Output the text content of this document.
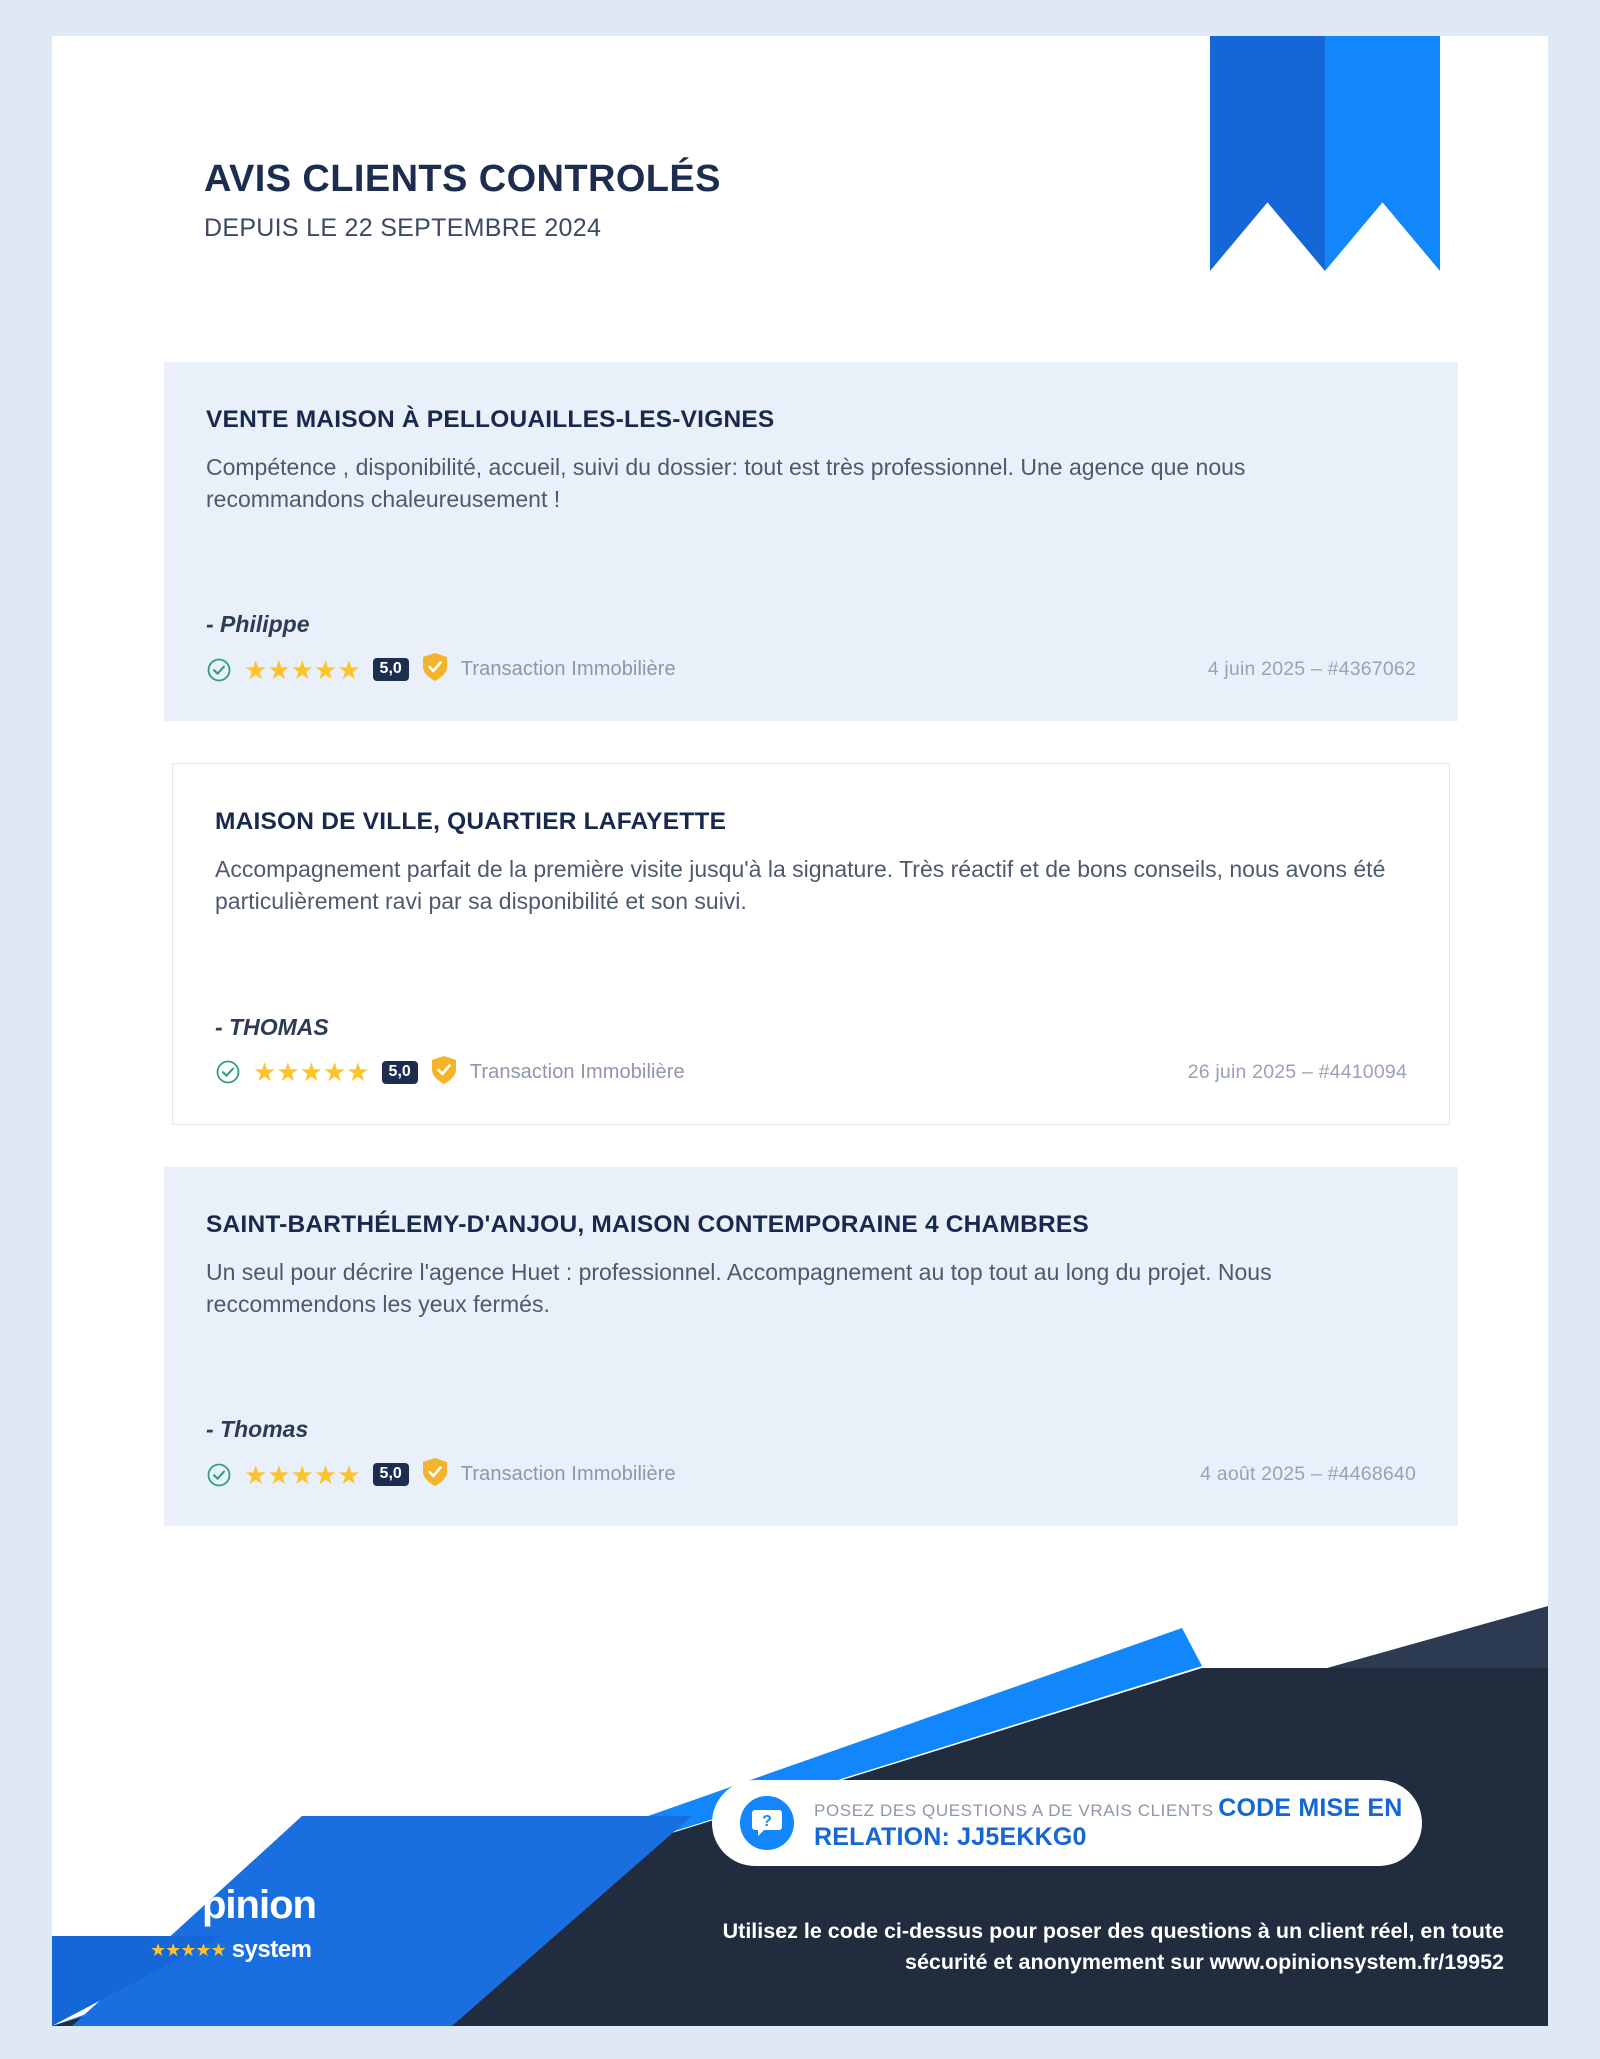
AVIS CLIENTS CONTROLÉS
DEPUIS LE 22 SEPTEMBRE 2024
VENTE MAISON À PELLOUAILLES-LES-VIGNES
Compétence , disponibilité, accueil, suivi du dossier: tout est très professionnel. Une agence que nous recommandons chaleureusement !
- Philippe
★★★★★	5,0	Transaction Immobilière	4 juin 2025 – #4367062
MAISON DE VILLE, QUARTIER LAFAYETTE
Accompagnement parfait de la première visite jusqu'à la signature. Très réactif et de bons conseils, nous avons été particulièrement ravi par sa disponibilité et son suivi.
- THOMAS
★★★★★	5,0	Transaction Immobilière	26 juin 2025 – #4410094
SAINT-BARTHÉLEMY-D'ANJOU, MAISON CONTEMPORAINE 4 CHAMBRES
Un seul pour décrire l'agence Huet : professionnel. Accompagnement au top tout au long du projet. Nous reccommendons les yeux fermés.
- Thomas
★★★★★	5,0	Transaction Immobilière	4 août 2025 – #4468640
pinion
★★★★★ system
?
POSEZ DES QUESTIONS A DE VRAIS CLIENTS CODE MISE EN RELATION: JJ5EKKG0
Utilisez le code ci-dessus pour poser des questions à un client réel, en toute sécurité et anonymement sur www.opinionsystem.fr/19952
